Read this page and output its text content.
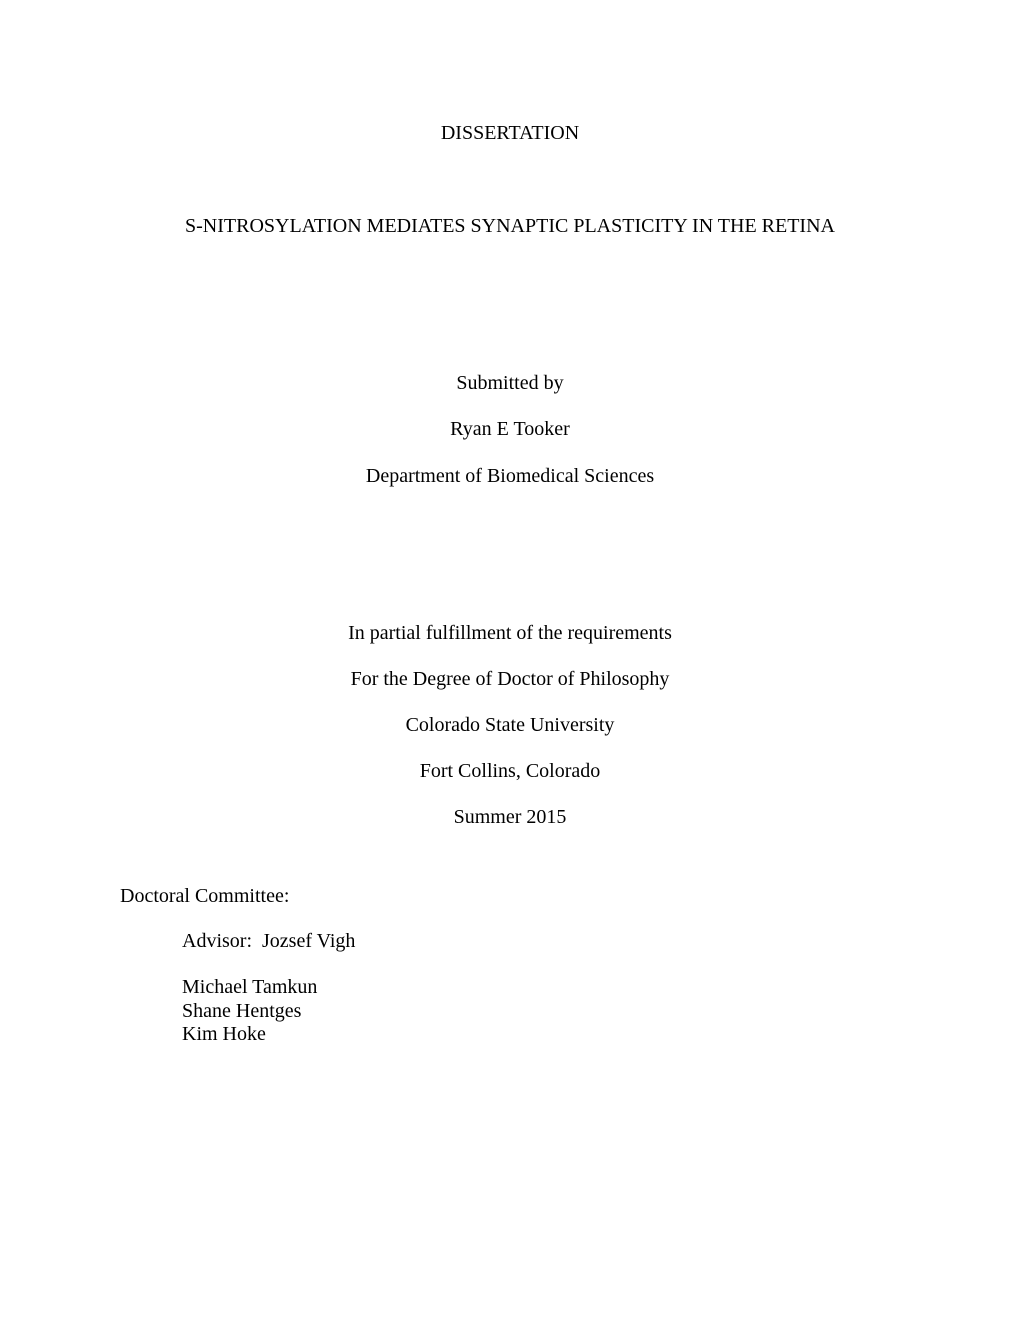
DISSERTATION
S-NITROSYLATION MEDIATES SYNAPTIC PLASTICITY IN THE RETINA
Submitted by
Ryan E Tooker
Department of Biomedical Sciences
In partial fulfillment of the requirements
For the Degree of Doctor of Philosophy
Colorado State University
Fort Collins, Colorado
Summer 2015
Doctoral Committee:
Advisor:  Jozsef Vigh
Michael Tamkun
Shane Hentges
Kim Hoke
